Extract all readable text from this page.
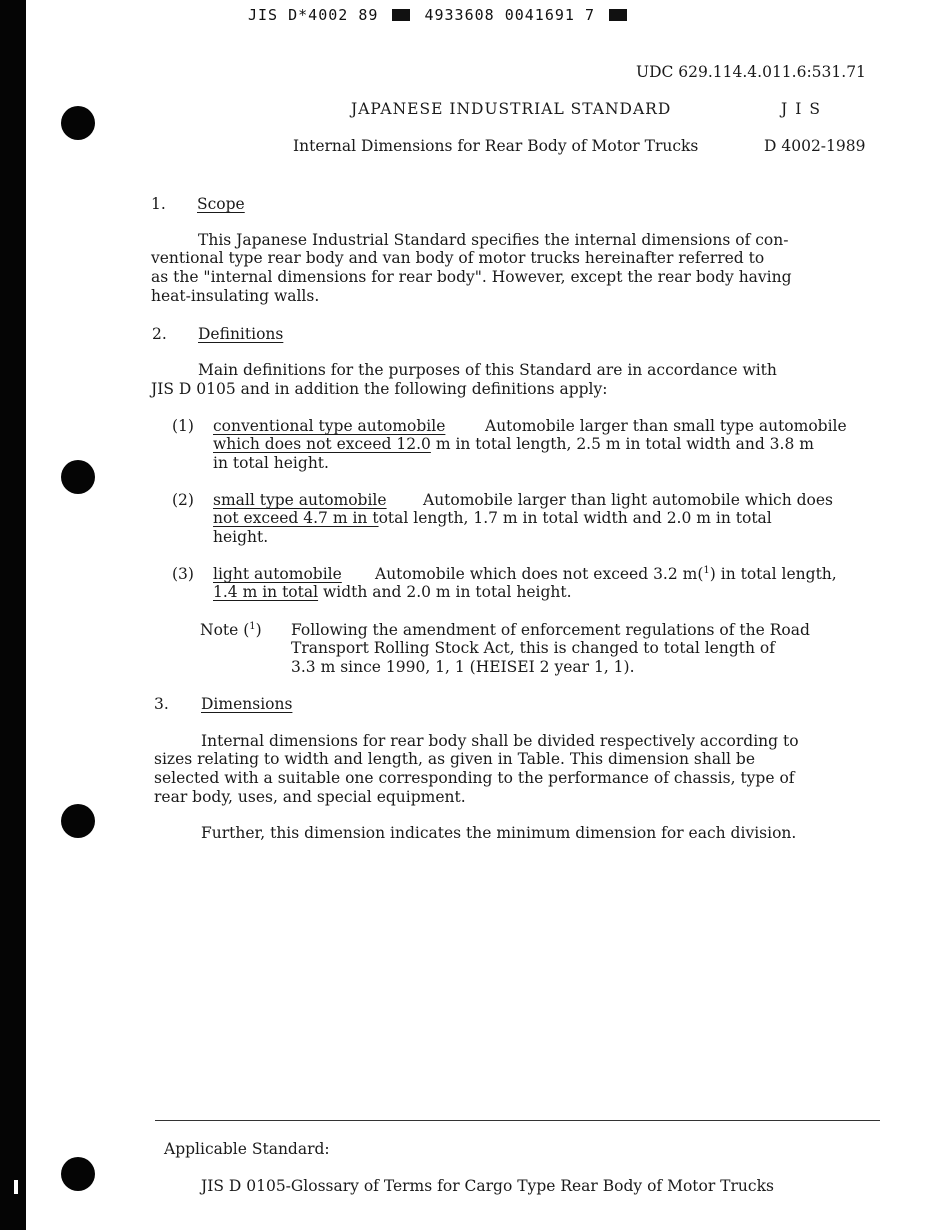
JIS D*4002 89	4933608 0041691 7
UDC 629.114.4.011.6:531.71
JAPANESE INDUSTRIAL STANDARD	JIS
Internal Dimensions for Rear Body of Motor Trucks	D 4002-1989
1. Scope
This Japanese Industrial Standard specifies the internal dimensions of con-
ventional type rear body and van body of motor trucks hereinafter referred to
as the "internal dimensions for rear body". However, except the rear body having
heat-insulating walls.
2. Definitions
Main definitions for the purposes of this Standard are in accordance with
JIS D 0105 and in addition the following definitions apply:
(1) conventional type automobile	Automobile larger than small type automobile
which does not exceed 12.0 m in total length, 2.5 m in total width and 3.8 m
in total height.
(2) small type automobile Automobile larger than light automobile which does
not exceed 4.7 m in total length, 1.7 m in total width and 2.0 m in total
height.
(3) light automobile Automobile which does not exceed 3.2 m($^1$) in total length,
1.4 m in total width and 2.0 m in total height.
Note ($^1$) Following the amendment of enforcement regulations of the Road
Transport Rolling Stock Act, this is changed to total length of
3.3 m since 1990, 1, 1 (HEISEI 2 year 1, 1).
3. Dimensions
Internal dimensions for rear body shall be divided respectively according to
sizes relating to width and length, as given in Table. This dimension shall be
selected with a suitable one corresponding to the performance of chassis, type of
rear body, uses, and special equipment.
Further, this dimension indicates the minimum dimension for each division.
Applicable Standard:
JIS D 0105-Glossary of Terms for Cargo Type Rear Body of Motor Trucks
